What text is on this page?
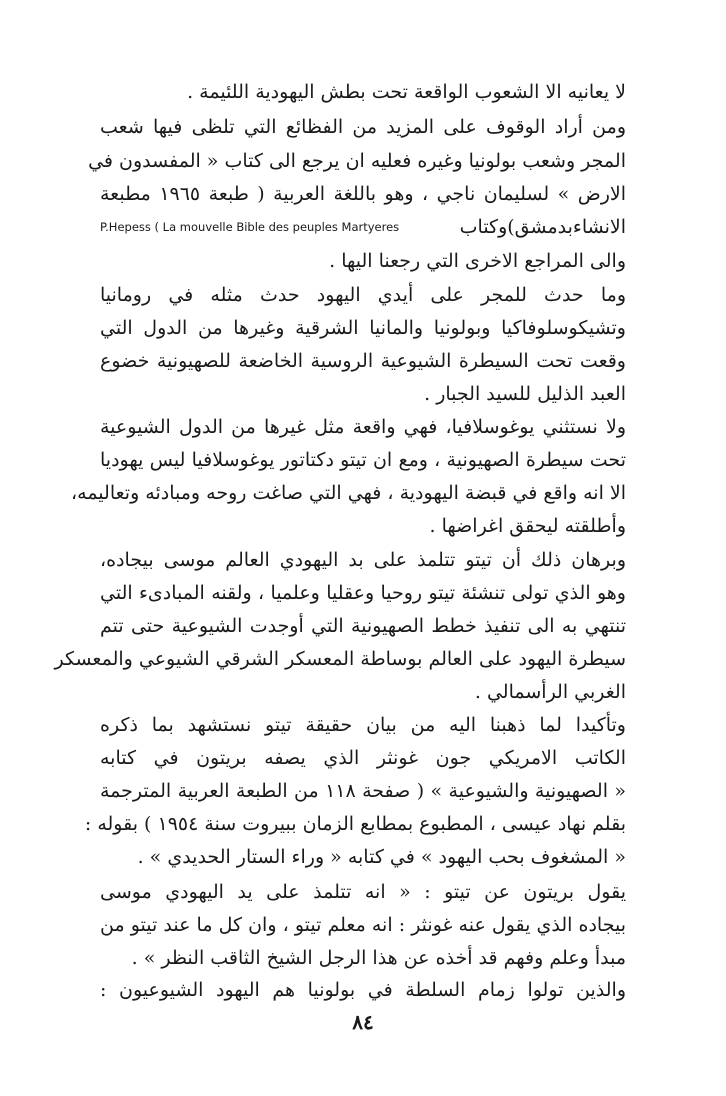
لا يعانيه الا الشعوب الواقعة تحت بطش اليهودية اللئيمة .
ومن أراد الوقوف على المزيد من الفظائع التي تلظى فيها شعب
المجر وشعب بولونيا وغيره فعليه ان يرجع الى كتاب « المفسدون في
الارض » لسليمان ناجي ، وهو باللغة العربية ( طبعة ١٩٦٥ مطبعة
P.Hepess ( La mouvelle Bible des peuples Martyeres	الانشاءبدمشق)وكتاب
والى المراجع الاخرى التي رجعنا اليها .
وما حدث للمجر على أيدي اليهود حدث مثله في رومانيا
وتشيكوسلوفاكيا وبولونيا والمانيا الشرقية وغيرها من الدول التي
وقعت تحت السيطرة الشيوعية الروسية الخاضعة للصهيونية خضوع
العبد الذليل للسيد الجبار .
ولا نستثني يوغوسلافيا، فهي واقعة مثل غيرها من الدول الشيوعية
تحت سيطرة الصهيونية ، ومع ان تيتو دكتاتور يوغوسلافيا ليس يهوديا
الا انه واقع في قبضة اليهودية ، فهي التي صاغت روحه ومبادئه وتعاليمه،
وأطلقته ليحقق اغراضها .
وبرهان ذلك أن تيتو تتلمذ على بد اليهودي العالم موسى بيجاده،
وهو الذي تولى تنشئة تيتو روحيا وعقليا وعلميا ، ولقنه المبادىء التي
تنتهي به الى تنفيذ خطط الصهيونية التي أوجدت الشيوعية حتى تتم
سيطرة اليهود على العالم بوساطة المعسكر الشرقي الشيوعي والمعسكر
الغربي الرأسمالي .
وتأكيدا لما ذهبنا اليه من بيان حقيقة تيتو نستشهد بما ذكره
الكاتب الامريكي جون غونثر الذي يصفه بريتون في كتابه
« الصهيونية والشيوعية » ( صفحة ١١٨ من الطبعة العربية المترجمة
بقلم نهاد عيسى ، المطبوع بمطابع الزمان ببيروت سنة ١٩٥٤ ) بقوله :
« المشغوف بحب اليهود » في كتابه « وراء الستار الحديدي » .
يقول بريتون عن تيتو : « انه تتلمذ على يد اليهودي موسى
بيجاده الذي يقول عنه غونثر : انه معلم تيتو ، وان كل ما عند تيتو من
مبدأ وعلم وفهم قد أخذه عن هذا الرجل الشيخ الثاقب النظر » .
والذين تولوا زمام السلطة في بولونيا هم اليهود الشيوعيون :
٨٤
